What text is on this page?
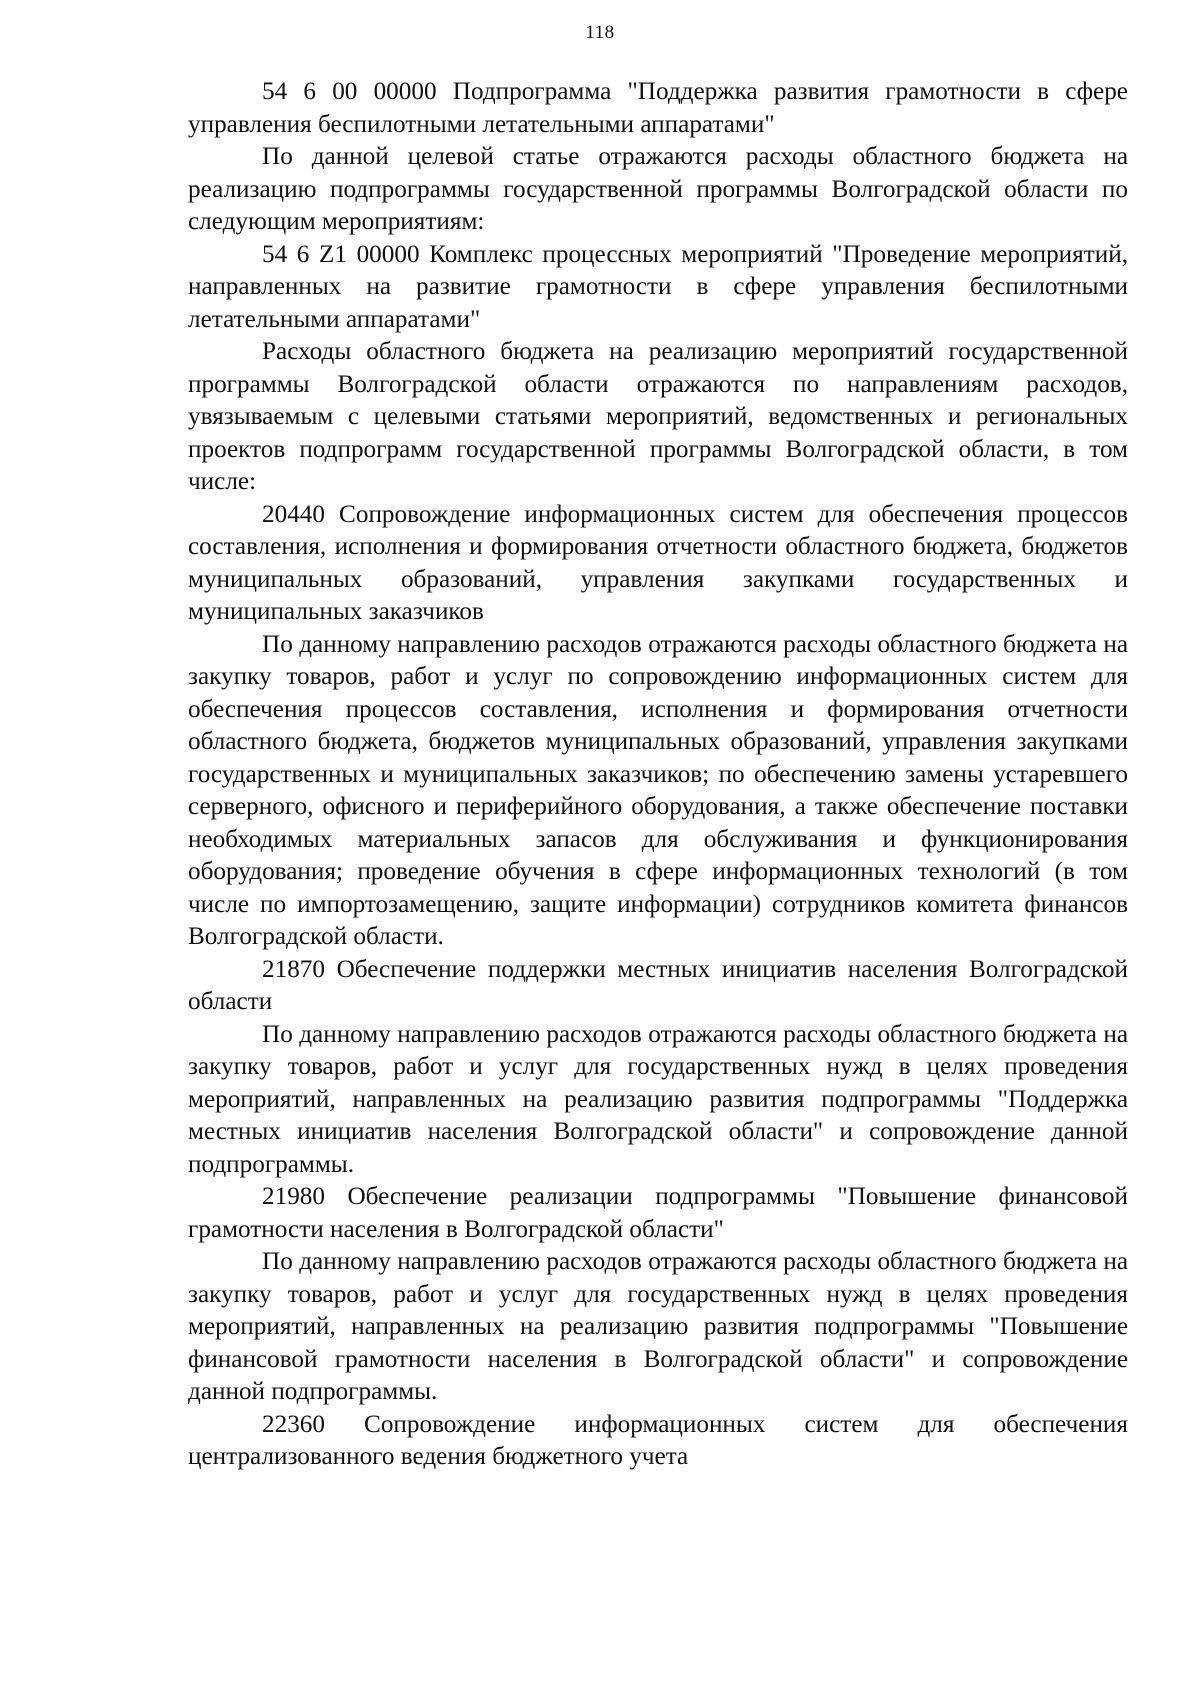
118

54 6 00 00000 Подпрограмма "Поддержка развития грамотности в сфере управления беспилотными летательными аппаратами"

По данной целевой статье отражаются расходы областного бюджета на реализацию подпрограммы государственной программы Волгоградской области по следующим мероприятиям:

54 6 Z1 00000 Комплекс процессных мероприятий "Проведение мероприятий, направленных на развитие грамотности в сфере управления беспилотными летательными аппаратами"

Расходы областного бюджета на реализацию мероприятий государственной программы Волгоградской области отражаются по направлениям расходов, увязываемым с целевыми статьями мероприятий, ведомственных и региональных проектов подпрограмм государственной программы Волгоградской области, в том числе:

20440 Сопровождение информационных систем для обеспечения процессов составления, исполнения и формирования отчетности областного бюджета, бюджетов муниципальных образований, управления закупками государственных и муниципальных заказчиков

По данному направлению расходов отражаются расходы областного бюджета на закупку товаров, работ и услуг по сопровождению информационных систем для обеспечения процессов составления, исполнения и формирования отчетности областного бюджета, бюджетов муниципальных образований, управления закупками государственных и муниципальных заказчиков; по обеспечению замены устаревшего серверного, офисного и периферийного оборудования, а также обеспечение поставки необходимых материальных запасов для обслуживания и функционирования оборудования; проведение обучения в сфере информационных технологий (в том числе по импортозамещению, защите информации) сотрудников комитета финансов Волгоградской области.

21870 Обеспечение поддержки местных инициатив населения Волгоградской области

По данному направлению расходов отражаются расходы областного бюджета на закупку товаров, работ и услуг для государственных нужд в целях проведения мероприятий, направленных на реализацию развития подпрограммы "Поддержка местных инициатив населения Волгоградской области" и сопровождение данной подпрограммы.

21980 Обеспечение реализации подпрограммы "Повышение финансовой грамотности населения в Волгоградской области"

По данному направлению расходов отражаются расходы областного бюджета на закупку товаров, работ и услуг для государственных нужд в целях проведения мероприятий, направленных на реализацию развития подпрограммы "Повышение финансовой грамотности населения в Волгоградской области" и сопровождение данной подпрограммы.

22360 Сопровождение информационных систем для обеспечения централизованного ведения бюджетного учета
